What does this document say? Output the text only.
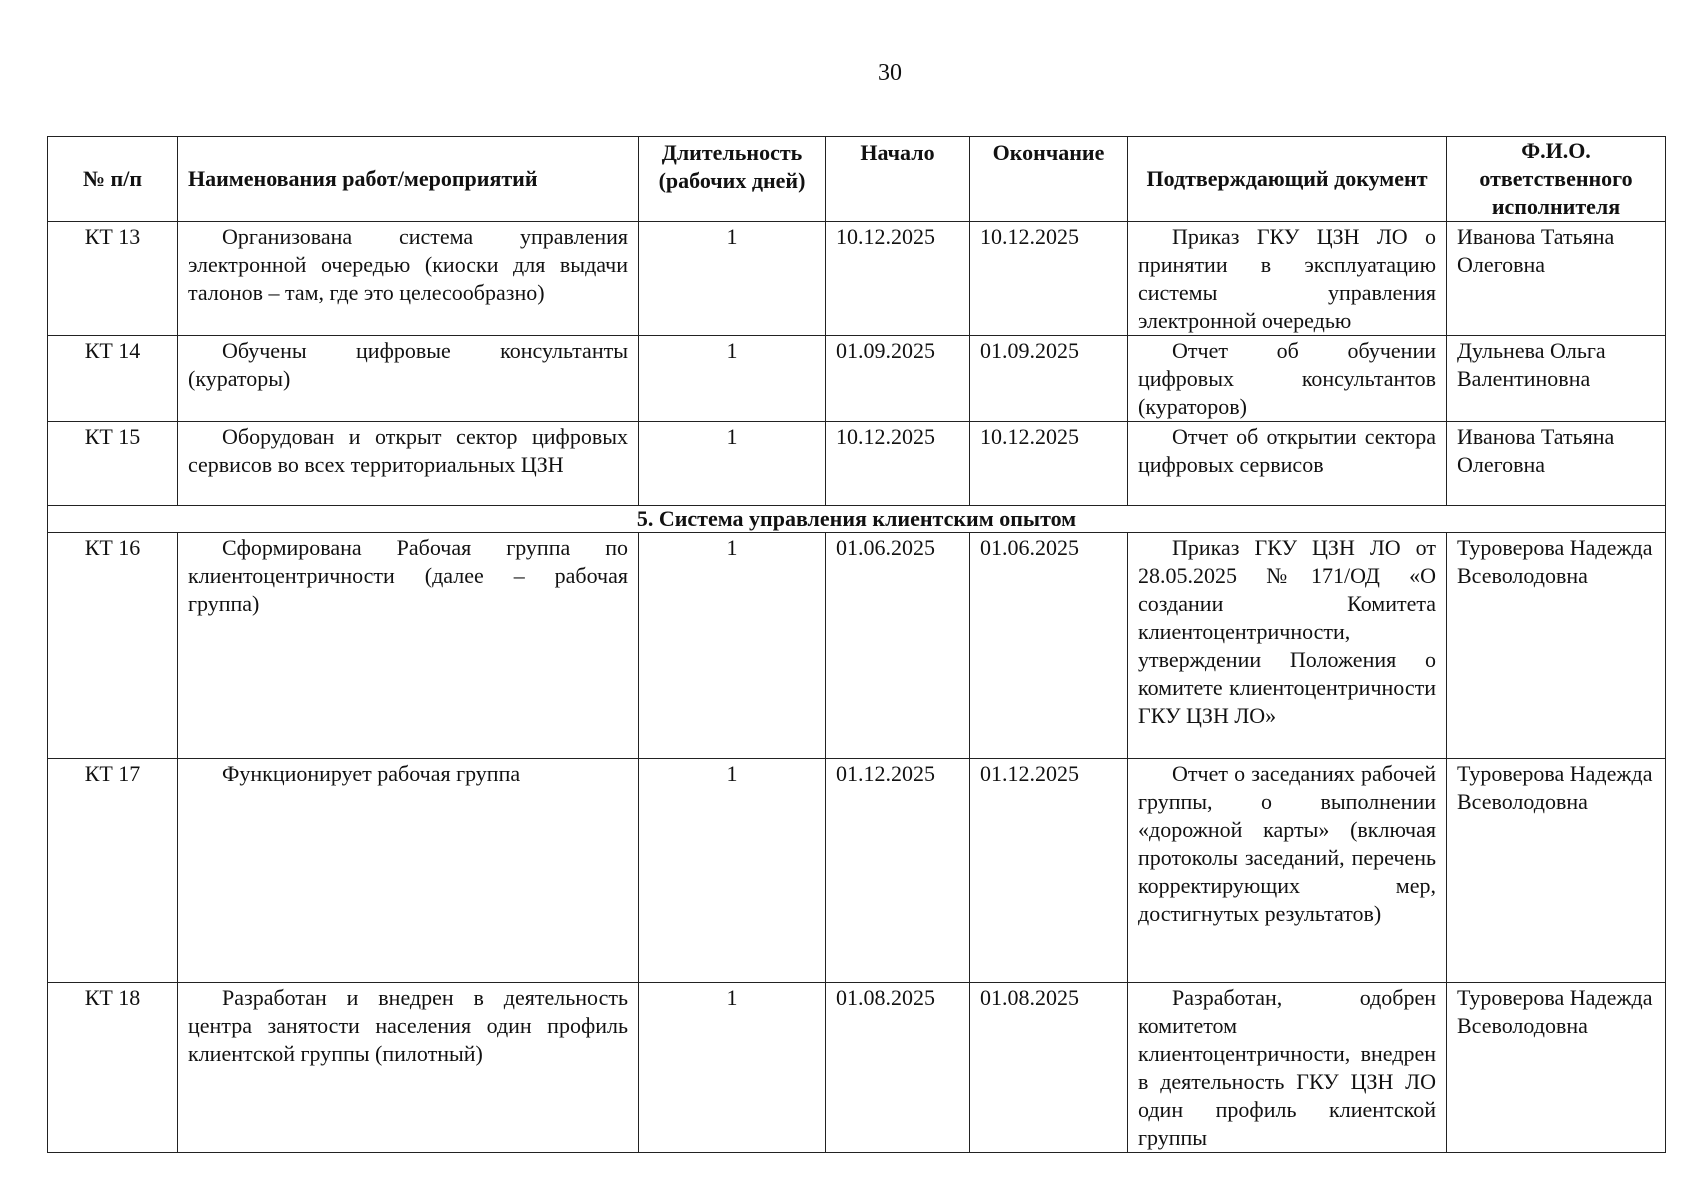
30
№ п/п	Наименования работ/мероприятий	Длительность (рабочих дней)	Начало	Окончание	Подтверждающий документ	Ф.И.О. ответственного исполнителя
КТ 13	Организована система управления электронной очередью (киоски для выдачи талонов – там, где это целесообразно)	1	10.12.2025	10.12.2025	Приказ ГКУ ЦЗН ЛО о принятии в эксплуатацию системы управления электронной очередью	Иванова Татьяна Олеговна
КТ 14	Обучены цифровые консультанты (кураторы)	1	01.09.2025	01.09.2025	Отчет об обучении цифровых консультантов (кураторов)	Дульнева Ольга Валентиновна
КТ 15	Оборудован и открыт сектор цифровых сервисов во всех территориальных ЦЗН	1	10.12.2025	10.12.2025	Отчет об открытии сектора цифровых сервисов	Иванова Татьяна Олеговна
5. Система управления клиентским опытом						
КТ 16	Сформирована Рабочая группа по клиентоцентричности (далее – рабочая группа)	1	01.06.2025	01.06.2025	Приказ ГКУ ЦЗН ЛО от 28.05.2025 №171/ОД «О создании Комитета клиентоцентричности, утверждении Положения о комитете клиентоцентричности ГКУ ЦЗН ЛО»	Туроверова Надежда Всеволодовна
КТ 17	Функционирует рабочая группа	1	01.12.2025	01.12.2025	Отчет о заседаниях рабочей группы, о выполнении «дорожной карты» (включая протоколы заседаний, перечень корректирующих мер, достигнутых результатов)	Туроверова Надежда Всеволодовна
КТ 18	Разработан и внедрен в деятельность центра занятости населения один профиль клиентской группы (пилотный)	1	01.08.2025	01.08.2025	Разработан, одобрен комитетом клиентоцентричности, внедрен в деятельность ГКУ ЦЗН ЛО один профиль клиентской группы	Туроверова Надежда Всеволодовна
